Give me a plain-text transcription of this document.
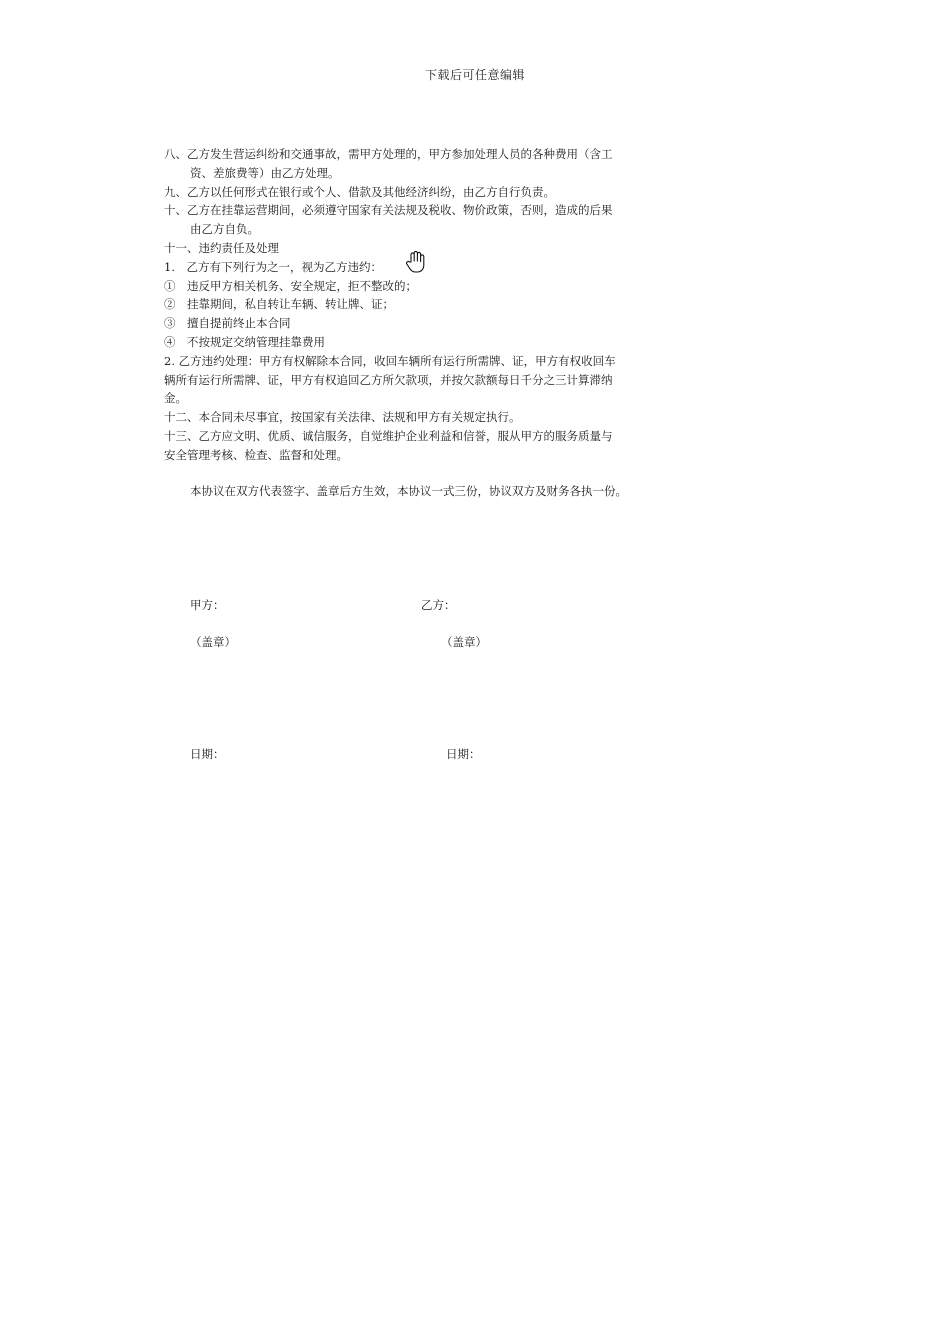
下载后可任意编辑
八、乙方发生营运纠纷和交通事故，需甲方处理的，甲方参加处理人员的各种费用（含工
资、差旅费等）由乙方处理。
九、乙方以任何形式在银行或个人、借款及其他经济纠纷，由乙方自行负责。
十、乙方在挂靠运营期间，必须遵守国家有关法规及税收、物价政策，否则，造成的后果
由乙方自负。
十一、违约责任及处理
1.　乙方有下列行为之一，视为乙方违约：
①　违反甲方相关机务、安全规定，拒不整改的；
②　挂靠期间，私自转让车辆、转让牌、证；
③　擅自提前终止本合同
④　不按规定交纳管理挂靠费用
2. 乙方违约处理：甲方有权解除本合同，收回车辆所有运行所需牌、证，甲方有权收回车
辆所有运行所需牌、证，甲方有权追回乙方所欠款项，并按欠款额每日千分之三计算滞纳
金。
十二、本合同未尽事宜，按国家有关法律、法规和甲方有关规定执行。
十三、乙方应文明、优质、诚信服务，自觉维护企业利益和信誉，服从甲方的服务质量与
安全管理考核、检查、监督和处理。
本协议在双方代表签字、盖章后方生效，本协议一式三份，协议双方及财务各执一份。
甲方：	乙方：
（盖章）	（盖章）
日期：	日期：
